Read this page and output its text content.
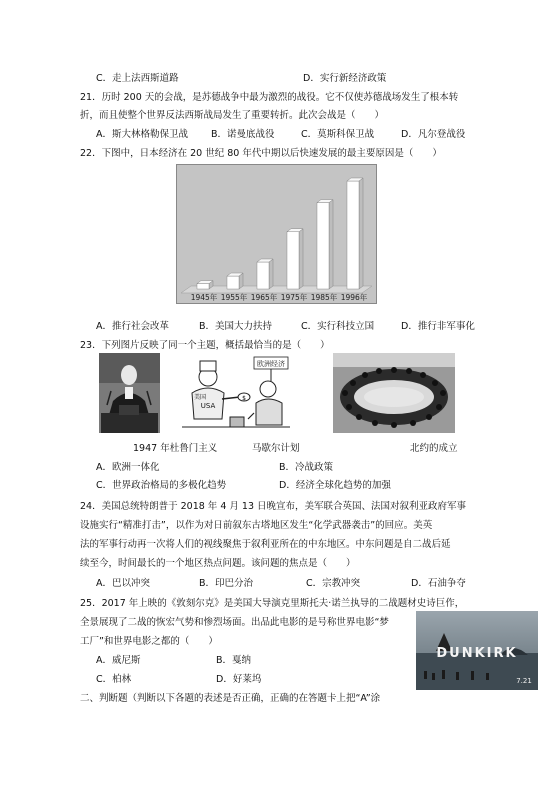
C．走上法西斯道路	D．实行新经济政策
21．历时 200 天的会战，是苏德战争中最为激烈的战役。它不仅使苏德战场发生了根本转
折，而且使整个世界反法西斯战局发生了重要转折。此次会战是（　　）
A．斯大林格勒保卫战 B．诺曼底战役	C．莫斯科保卫战	D．凡尔登战役
22．下图中，日本经济在 20 世纪 80 年代中期以后快速发展的最主要原因是（　　）
1945年 1955年 1965年 1975年 1985年 1996年
A．推行社会改革	B．美国大力扶持	C．实行科技立国	D．推行非军事化
23．下列图片反映了同一个主题，概括最恰当的是（　　）
欧洲经济
USA
美国	$
1947 年杜鲁门主义	马歇尔计划	北约的成立
A．欧洲一体化	B．冷战政策
C．世界政治格局的多极化趋势	D．经济全球化趋势的加强
24．美国总统特朗普于 2018 年 4 月 13 日晚宣布，美军联合英国、法国对叙利亚政府军事
设施实行“精准打击”，以作为对日前叙东古塔地区发生“化学武器袭击”的回应。美英
法的军事行动再一次将人们的视线聚焦于叙利亚所在的中东地区。中东问题是自二战后延
续至今，时间最长的一个地区热点问题。该问题的焦点是（　　）
A．巴以冲突	B．印巴分治	C．宗教冲突	D．石油争夺
25．2017 年上映的《敦刻尔克》是美国大导演克里斯托夫·诺兰执导的二战题材史诗巨作，
全景展现了二战的恢宏气势和惨烈场面。出品此电影的是号称世界电影“梦
工厂”和世界电影之都的（　　）
A．威尼斯	B．戛纳
C．柏林	D．好莱坞
DUNKIRK
7.21
二、判断题（判断以下各题的表述是否正确，正确的在答题卡上把“A”涂
